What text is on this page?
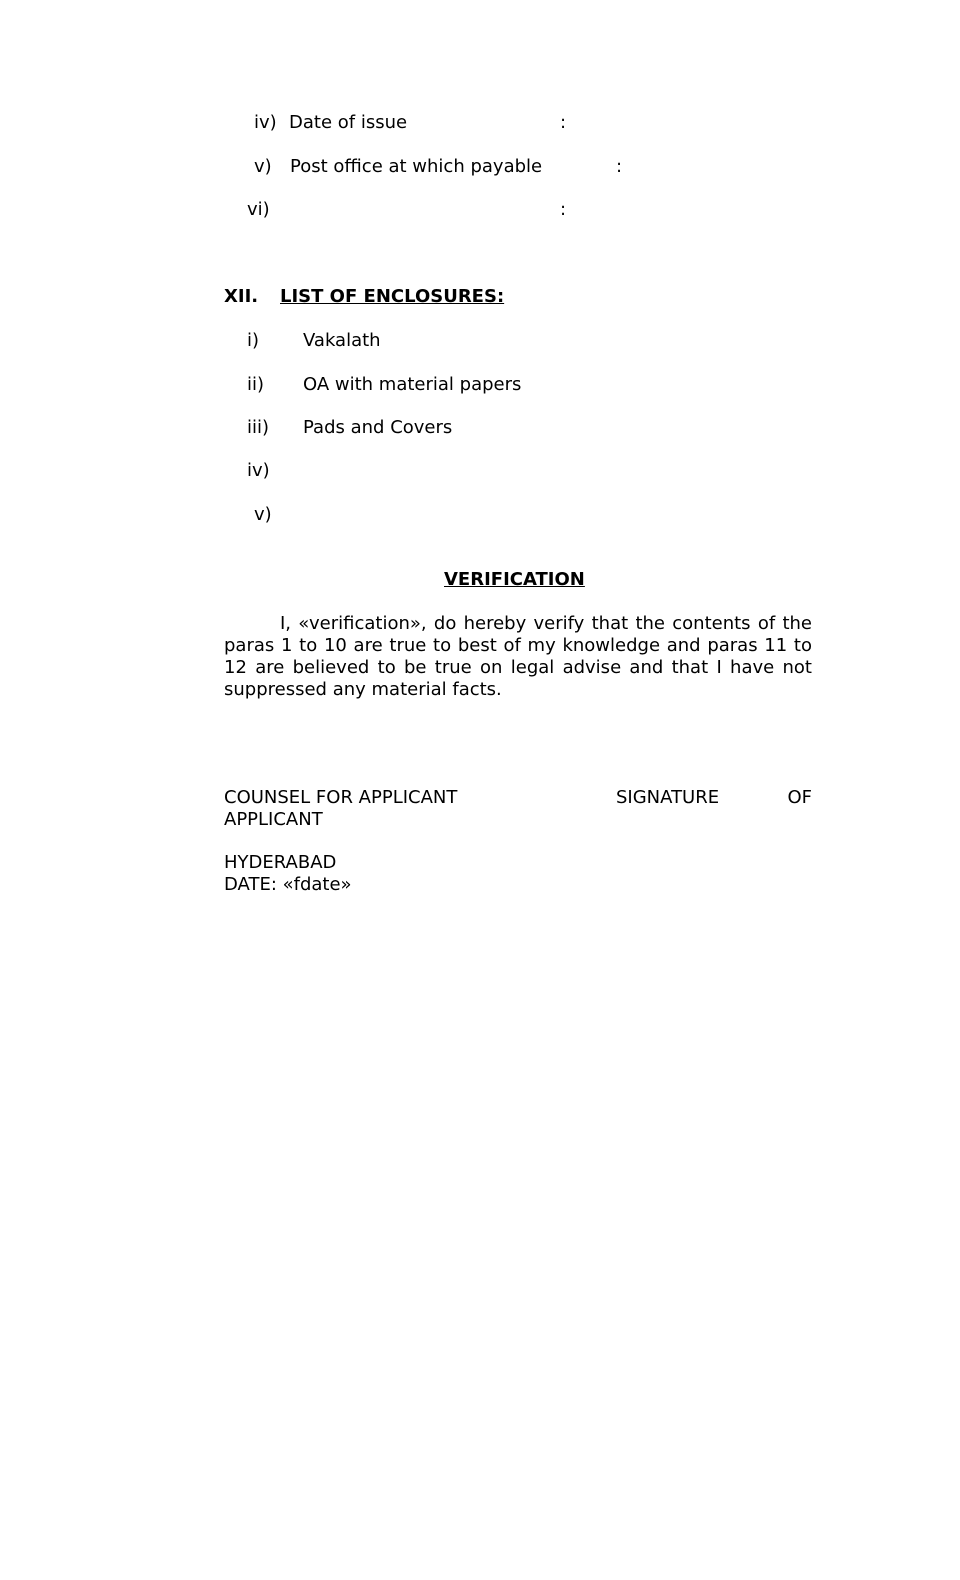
iv) Date of issue	:
v) Post office at which payable	:
vi)	:
XII. LIST OF ENCLOSURES:
i) Vakalath
ii) OA with material papers
iii) Pads and Covers
iv)
v)
VERIFICATION
I, «verification», do hereby verify that the contents of the paras 1 to 10 are true to best of my knowledge and paras 11 to 12 are believed to be true on legal advise and that I have not suppressed any material facts.
COUNSEL FOR APPLICANT	SIGNATURE	OF
APPLICANT
HYDERABAD
DATE: «fdate»
